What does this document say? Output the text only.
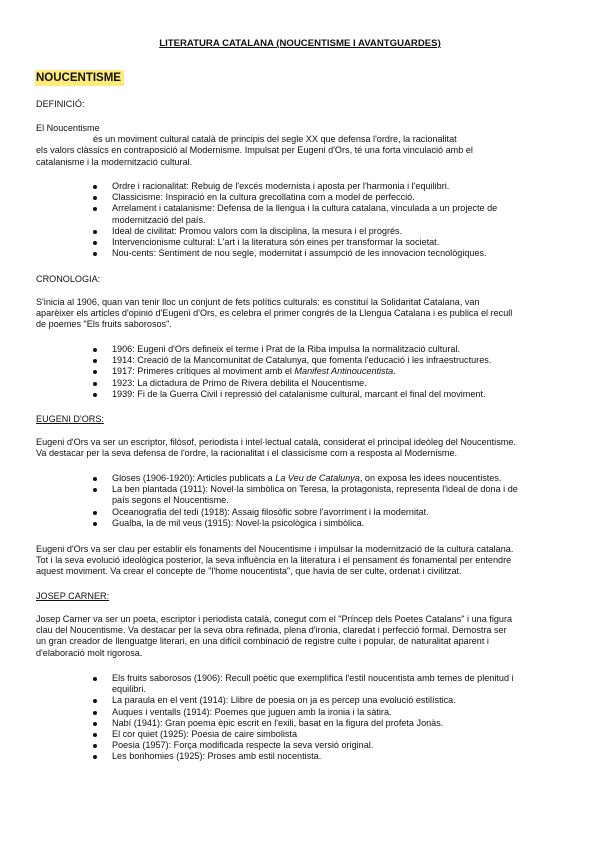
LITERATURA CATALANA (NOUCENTISME I AVANTGUARDES)
NOUCENTISME
DEFINICIÓ:

El Noucentisme

és un moviment cultural català de principis del segle XX que defensa l'ordre, la racionalitat

els valors clàssics en contraposició al Modernisme. Impulsat per Eugeni d'Ors, té una forta vinculació amb el

catalanisme i la modernització cultural.

Ordre i racionalitat: Rebuig de l'excés modernista i aposta per l'harmonia i l'equilibri.
Classicisme: Inspiració en la cultura grecollatina com a model de perfecció.
Arrelament i catalanisme: Defensa de la llengua i la cultura catalana, vinculada a un projecte de
modernització del país.
Ideal de civilitat: Promou valors com la disciplina, la mesura i el progrés.
Intervencionisme cultural: L'art i la literatura són eines per transformar la societat.
Nou-cents: Sentiment de nou segle, modernitat i assumpció de les innovacion tecnològiques.
CRONOLOGIA:

S'inicia al 1906, quan van tenir lloc un conjunt de fets polítics culturals: es constituí la Solidaritat Catalana, van

aparèixer els articles d'opinió d'Eugeni d'Ors, es celebra el primer congrés de la Llengua Catalana i es publica el recull

de poemes "Els fruits saborosos".

1906: Eugeni d'Ors defineix el terme i Prat de la Riba impulsa la normalització cultural.
1914: Creació de la Mancomunitat de Catalunya, que fomenta l'educació i les infraestructures.
1917: Primeres crítiques al moviment amb el Manifest Antinoucentista.
1923: La dictadura de Primo de Rivera debilita el Noucentisme.
1939: Fi de la Guerra Civil i repressió del catalanisme cultural, marcant el final del moviment.
EUGENI D'ORS:

Eugeni d'Ors va ser un escriptor, filòsof, periodista i intel·lectual català, considerat el principal ideòleg del Noucentisme.

Va destacar per la seva defensa de l'ordre, la racionalitat i el classicisme com a resposta al Modernisme.

Gloses (1906-1920): Articles publicats a La Veu de Catalunya, on exposa les idees noucentistes.
La ben plantada (1911): Novel·la simbòlica on Teresa, la protagonista, representa l'ideal de dona i de
país segons el Noucentisme.
Oceanografia del tedi (1918): Assaig filosòfic sobre l'avorriment i la modernitat.
Gualba, la de mil veus (1915): Novel·la psicològica i simbòlica.

Eugeni d'Ors va ser clau per establir els fonaments del Noucentisme i impulsar la modernització de la cultura catalana.

Tot i la seva evolució ideològica posterior, la seva influència en la literatura i el pensament és fonamental per entendre

aquest moviment. Va crear el concepte de "l'home noucentista", que havia de ser culte, ordenat i civilitzat.

JOSEP CARNER:

Josep Carner va ser un poeta, escriptor i periodista català, conegut com el "Príncep dels Poetes Catalans" i una figura

clau del Noucentisme. Va destacar per la seva obra refinada, plena d'ironia, claredat i perfecció formal. Demostra ser

un gran creador de llenguatge literari, en una difícil combinació de registre culte i popular, de naturalitat aparent i

d'elaboració molt rigorosa.

Els fruits saborosos (1906): Recull poètic que exemplifica l'estil noucentista amb temes de plenitud i
equilibri.
La paraula en el vent (1914): Llibre de poesia on ja es percep una evolució estilística.
Auques i ventalls (1914): Poemes que juguen amb la ironia i la sàtira.
Nabí (1941): Gran poema èpic escrit en l'exili, basat en la figura del profeta Jonàs.
El cor quiet (1925): Poesia de caire simbolista
Poesia (1957): Força modificada respecte la seva versió original.
Les bonhomies (1925): Proses amb estil nocentista.
